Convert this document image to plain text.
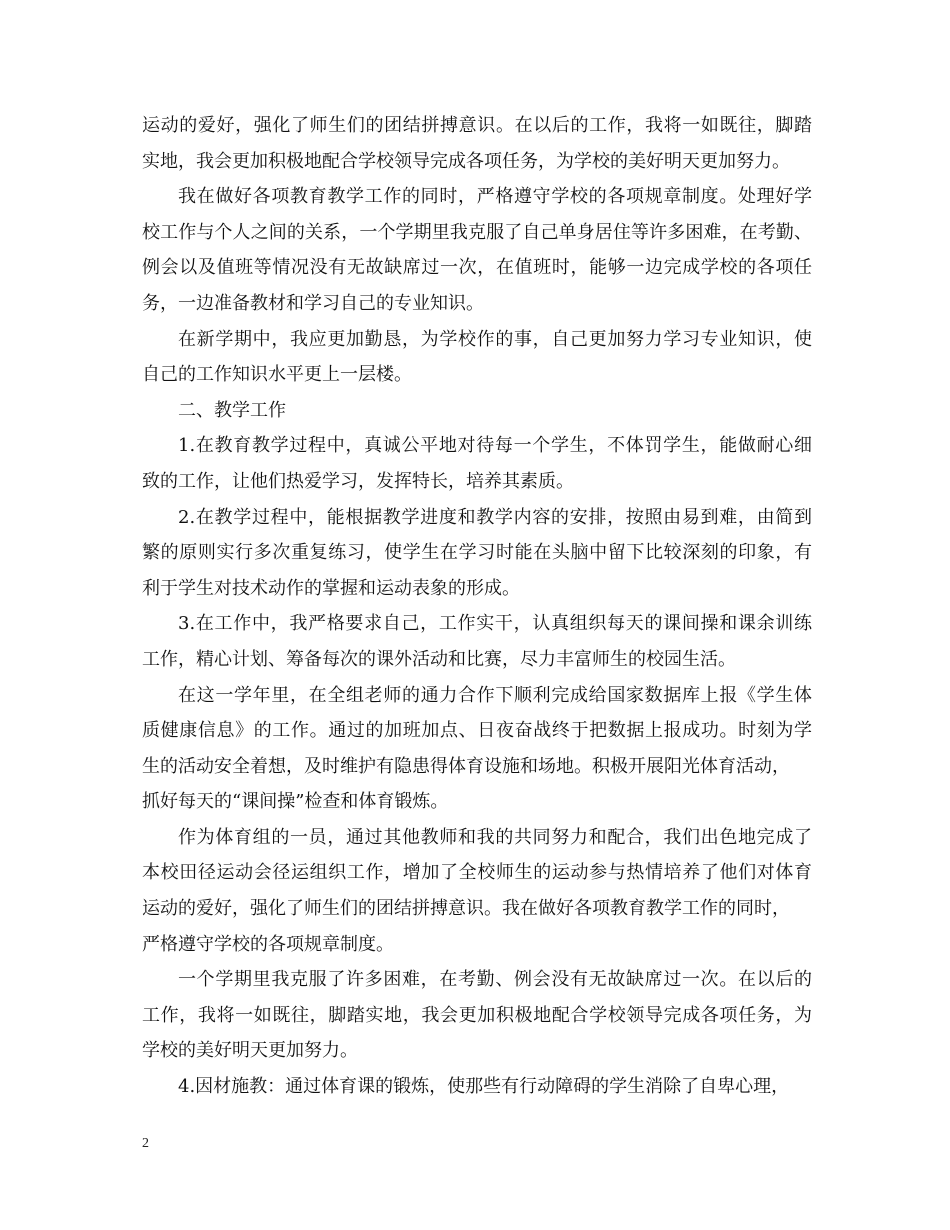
运动的爱好，强化了师生们的团结拼搏意识。在以后的工作，我将一如既往，脚踏
实地，我会更加积极地配合学校领导完成各项任务，为学校的美好明天更加努力。
我在做好各项教育教学工作的同时，严格遵守学校的各项规章制度。处理好学
校工作与个人之间的关系，一个学期里我克服了自己单身居住等许多困难，在考勤、
例会以及值班等情况没有无故缺席过一次，在值班时，能够一边完成学校的各项任
务，一边准备教材和学习自己的专业知识。
在新学期中，我应更加勤恳，为学校作的事，自己更加努力学习专业知识，使
自己的工作知识水平更上一层楼。
二、教学工作
1.在教育教学过程中，真诚公平地对待每一个学生，不体罚学生，能做耐心细
致的工作，让他们热爱学习，发挥特长，培养其素质。
2.在教学过程中，能根据教学进度和教学内容的安排，按照由易到难，由简到
繁的原则实行多次重复练习，使学生在学习时能在头脑中留下比较深刻的印象，有
利于学生对技术动作的掌握和运动表象的形成。
3.在工作中，我严格要求自己，工作实干，认真组织每天的课间操和课余训练
工作，精心计划、筹备每次的课外活动和比赛，尽力丰富师生的校园生活。
在这一学年里，在全组老师的通力合作下顺利完成给国家数据库上报《学生体
质健康信息》的工作。通过的加班加点、日夜奋战终于把数据上报成功。时刻为学
生的活动安全着想，及时维护有隐患得体育设施和场地。积极开展阳光体育活动，
抓好每天的“课间操”检查和体育锻炼。
作为体育组的一员，通过其他教师和我的共同努力和配合，我们出色地完成了
本校田径运动会径运组织工作，增加了全校师生的运动参与热情培养了他们对体育
运动的爱好，强化了师生们的团结拼搏意识。我在做好各项教育教学工作的同时，
严格遵守学校的各项规章制度。
一个学期里我克服了许多困难，在考勤、例会没有无故缺席过一次。在以后的
工作，我将一如既往，脚踏实地，我会更加积极地配合学校领导完成各项任务，为
学校的美好明天更加努力。
4.因材施教：通过体育课的锻炼，使那些有行动障碍的学生消除了自卑心理，
2
